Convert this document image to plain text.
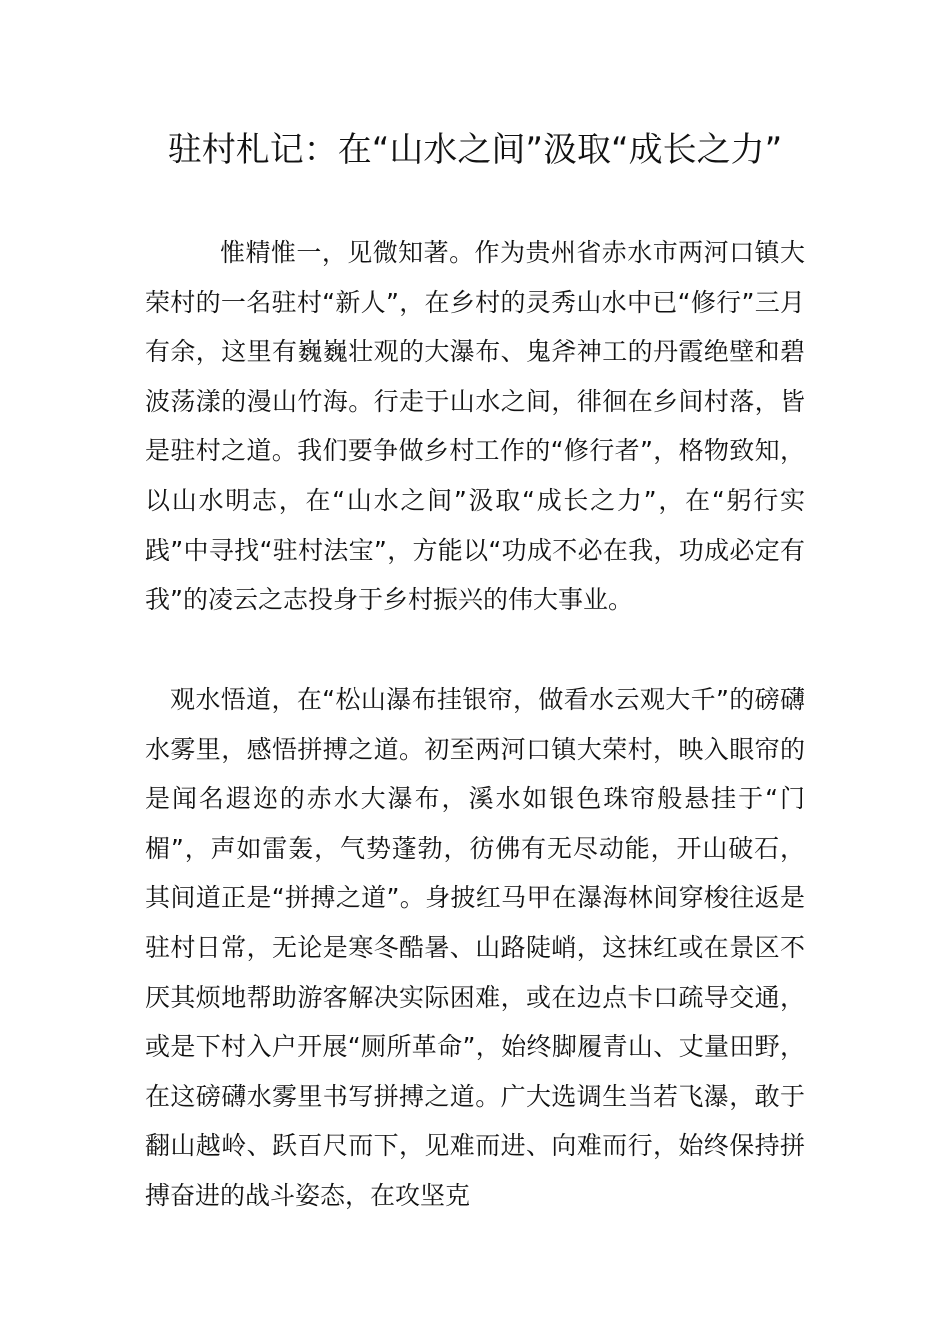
驻村札记：在“山水之间”汲取“成长之力”

惟精惟一，见微知著。作为贵州省赤水市两河口镇大荣村的一名驻村“新人”，在乡村的灵秀山水中已“修行”三月有余，这里有巍巍壮观的大瀑布、鬼斧神工的丹霞绝壁和碧波荡漾的漫山竹海。行走于山水之间，徘徊在乡间村落，皆是驻村之道。我们要争做乡村工作的“修行者”，格物致知，以山水明志，在“山水之间”汲取“成长之力”，在“躬行实践”中寻找“驻村法宝”，方能以“功成不必在我，功成必定有我”的凌云之志投身于乡村振兴的伟大事业。

观水悟道，在“松山瀑布挂银帘，做看水云观大千”的磅礴水雾里，感悟拼搏之道。初至两河口镇大荣村，映入眼帘的是闻名遐迩的赤水大瀑布，溪水如银色珠帘般悬挂于“门楣”，声如雷轰，气势蓬勃，彷佛有无尽动能，开山破石，其间道正是“拼搏之道”。身披红马甲在瀑海林间穿梭往返是驻村日常，无论是寒冬酷暑、山路陡峭，这抹红或在景区不厌其烦地帮助游客解决实际困难，或在边点卡口疏导交通，或是下村入户开展“厕所革命”，始终脚履青山、丈量田野，在这磅礴水雾里书写拼搏之道。广大选调生当若飞瀑，敢于翻山越岭、跃百尺而下，见难而进、向难而行，始终保持拼搏奋进的战斗姿态，在攻坚克
